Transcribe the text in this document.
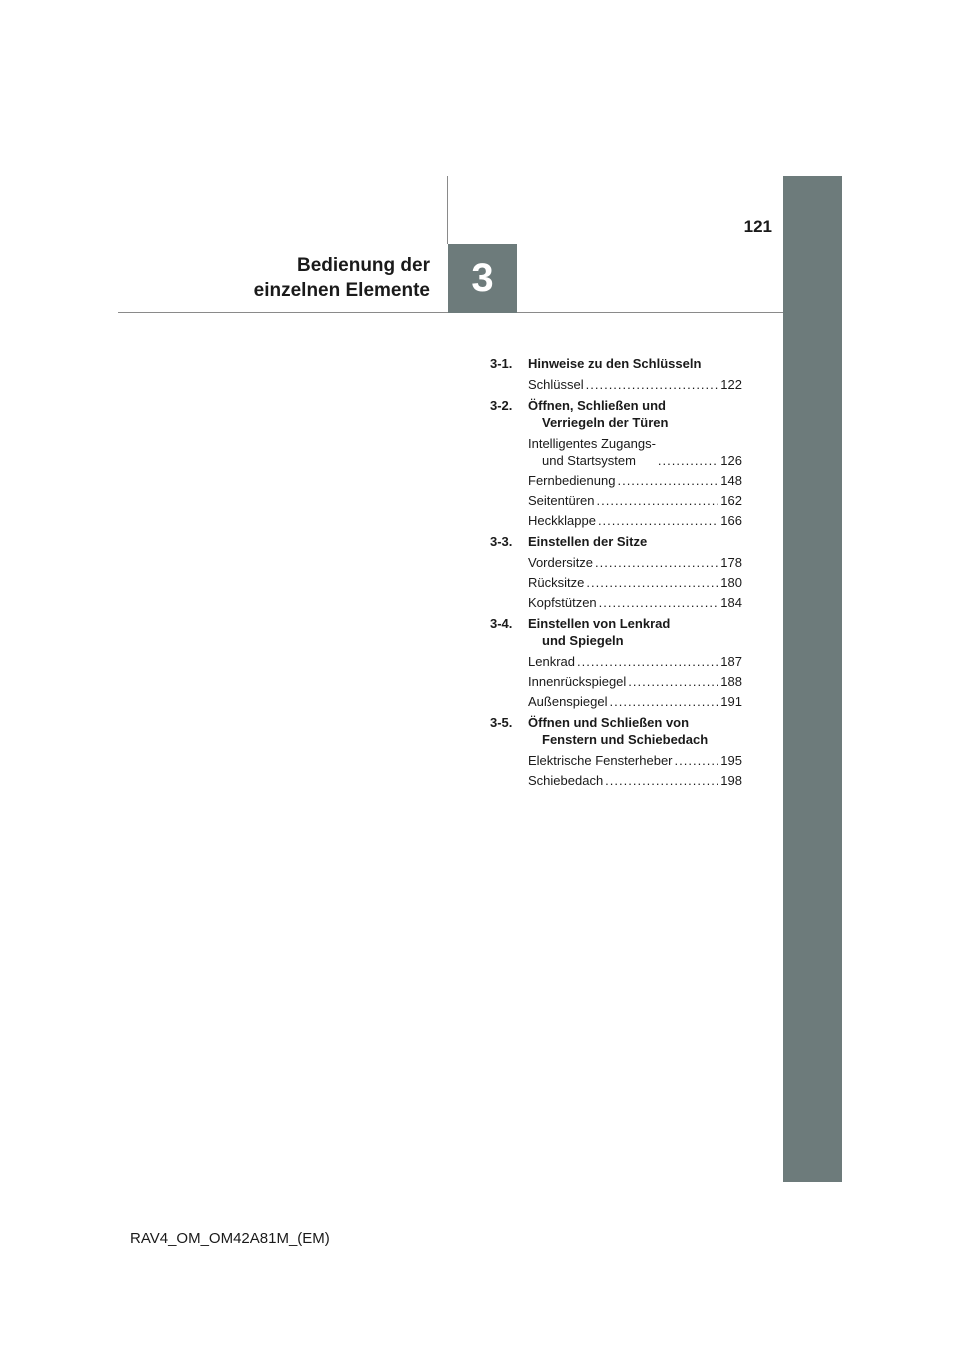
121
Bedienung der
einzelnen Elemente 3
3-1.	Hinweise zu den Schlüsseln
Schlüssel .....	122
3-2.	Öffnen, Schließen und
Verriegeln der Türen
Intelligentes Zugangs-
und Startsystem .....	126
Fernbedienung .....	148
Seitentüren .....	162
Heckklappe .....	166
3-3.	Einstellen der Sitze
Vordersitze .....	178
Rücksitze .....	180
Kopfstützen .....	184
3-4.	Einstellen von Lenkrad
und Spiegeln
Lenkrad .....	187
Innenrückspiegel .....	188
Außenspiegel .....	191
3-5.	Öffnen und Schließen von
Fenstern und Schiebedach
Elektrische Fensterheber .....	195
Schiebedach .....	198
RAV4_OM_OM42A81M_(EM)
